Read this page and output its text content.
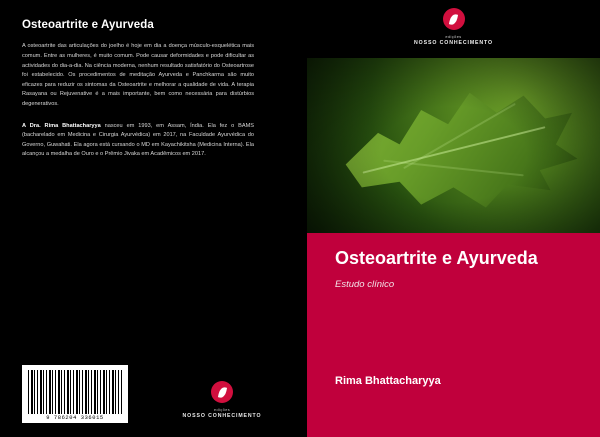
Osteoartrite e Ayurveda
A osteoartrite das articulações do joelho é hoje em dia a doença músculo-esquelética mais comum. Entre as mulheres, é muito comum. Pode causar deformidades e pode dificultar as actividades do dia-a-dia. Na ciência moderna, nenhum resultado satisfatório do Osteoartrose foi estabelecido. Os procedimentos de meditação Ayurveda e Panchkarma são muito eficazes para reduzir os sintomas da Osteoartrite e melhorar a qualidade de vida. A terapia Rasayana ou Rejuvenative é a mais importante, bem como necessária para distúrbios degenerativos.
A Dra. Rima Bhattacharyya nasceu em 1993, em Assam, Índia. Ela fez o BAMS (bacharelado em Medicina e Cirurgia Ayurvédica) em 2017, na Faculdade Ayurvédica do Governo, Guwahati. Ela agora está cursando o MD em Kayachikitsha (Medicina Interna). Ela alcançou a medalha de Ouro e o Prêmio Jivaka em Acadêmicos em 2017.
9 786204 336015
edições
NOSSO CONHECIMENTO
edições
NOSSO CONHECIMENTO
Osteoartrite e Ayurveda
Estudo clínico
Rima Bhattacharyya
